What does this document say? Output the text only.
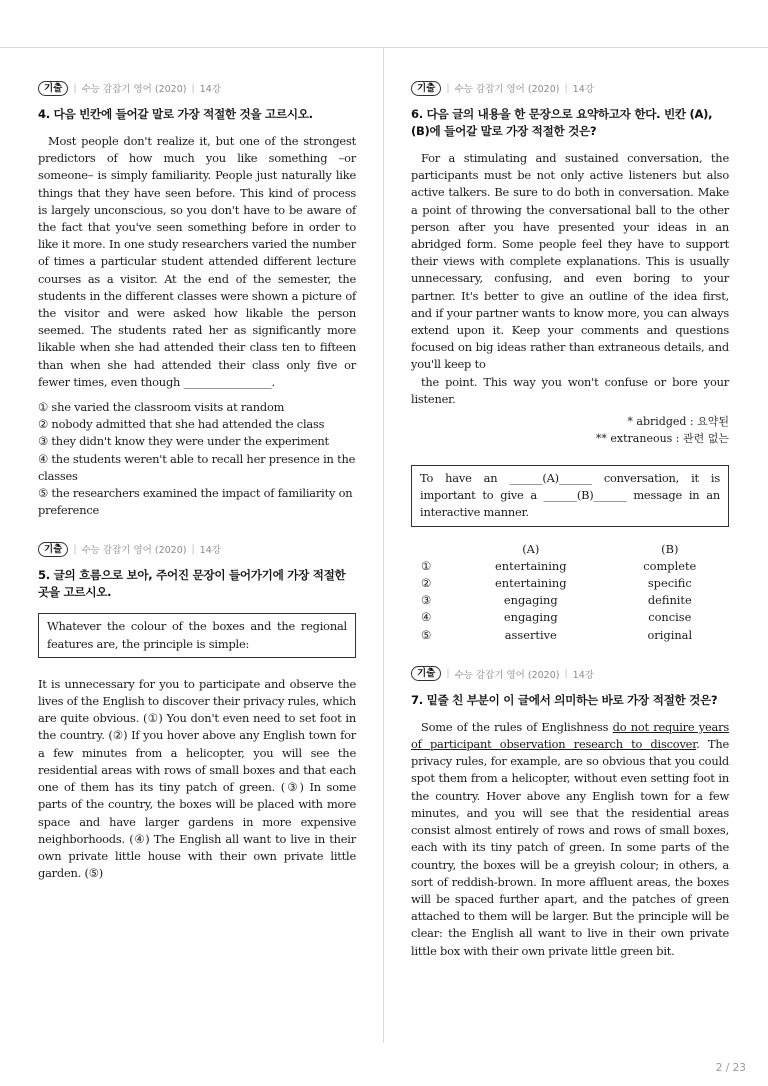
기출	| 수능 감잡기 영어 (2020) | 14강
4. 다음 빈칸에 들어갈 말로 가장 적절한 것을 고르시오.

Most people don't realize it, but one of the strongest predictors of how much you like something –or someone– is simply familiarity. People just naturally like things that they have seen before. This kind of process is largely unconscious, so you don't have to be aware of the fact that you've seen something before in order to like it more. In one study researchers varied the number of times a particular student attended different lecture courses as a visitor. At the end of the semester, the students in the different classes were shown a picture of the visitor and were asked how likable the person seemed. The students rated her as significantly more likable when she had attended their class ten to fifteen than when she had attended their class only five or fewer times, even though ________________.

① she varied the classroom visits at random
② nobody admitted that she had attended the class
③ they didn't know they were under the experiment
④ the students weren't able to recall her presence in the classes
⑤ the researchers examined the impact of familiarity on preference
기출	| 수능 감잡기 영어 (2020) | 14강
5. 글의 흐름으로 보아, 주어진 문장이 들어가기에 가장 적절한 곳을 고르시오.
Whatever the colour of the boxes and the regional features are, the principle is simple:

It is unnecessary for you to participate and observe the lives of the English to discover their privacy rules, which are quite obvious. (①) You don't even need to set foot in the country. (②) If you hover above any English town for a few minutes from a helicopter, you will see the residential areas with rows of small boxes and that each one of them has its tiny patch of green. (③) In some parts of the country, the boxes will be placed with more space and have larger gardens in more expensive neighborhoods. (④) The English all want to live in their own private little house with their own private little garden. (⑤)

기출	| 수능 감잡기 영어 (2020) | 14강
6. 다음 글의 내용을 한 문장으로 요약하고자 한다. 빈칸 (A), (B)에 들어갈 말로 가장 적절한 것은?

For a stimulating and sustained conversation, the participants must be not only active listeners but also active talkers. Be sure to do both in conversation. Make a point of throwing the conversational ball to the other person after you have presented your ideas in an abridged form. Some people feel they have to support their views with complete explanations. This is usually unnecessary, confusing, and even boring to your partner. It's better to give an outline of the idea first, and if your partner wants to know more, you can always extend upon it. Keep your comments and questions focused on big ideas rather than extraneous details, and you'll keep to

the point. This way you won't confuse or bore your listener.

* abridged : 요약된
** extraneous : 관련 없는
To have an ______(A)______ conversation, it is important to give a ______(B)______ message in an interactive manner.
	(A)	(B)
①	entertaining	complete
②	entertaining	specific
③	engaging	definite
④	engaging	concise
⑤	assertive	original
기출	| 수능 감잡기 영어 (2020) | 14강
7. 밑줄 친 부분이 이 글에서 의미하는 바로 가장 적절한 것은?

Some of the rules of Englishness do not require years of participant observation research to discover. The privacy rules, for example, are so obvious that you could spot them from a helicopter, without even setting foot in the country. Hover above any English town for a few minutes, and you will see that the residential areas consist almost entirely of rows and rows of small boxes, each with its tiny patch of green. In some parts of the country, the boxes will be a greyish colour; in others, a sort of reddish-brown. In more affluent areas, the boxes will be spaced further apart, and the patches of green attached to them will be larger. But the principle will be clear: the English all want to live in their own private little box with their own private little green bit.

2 / 23
